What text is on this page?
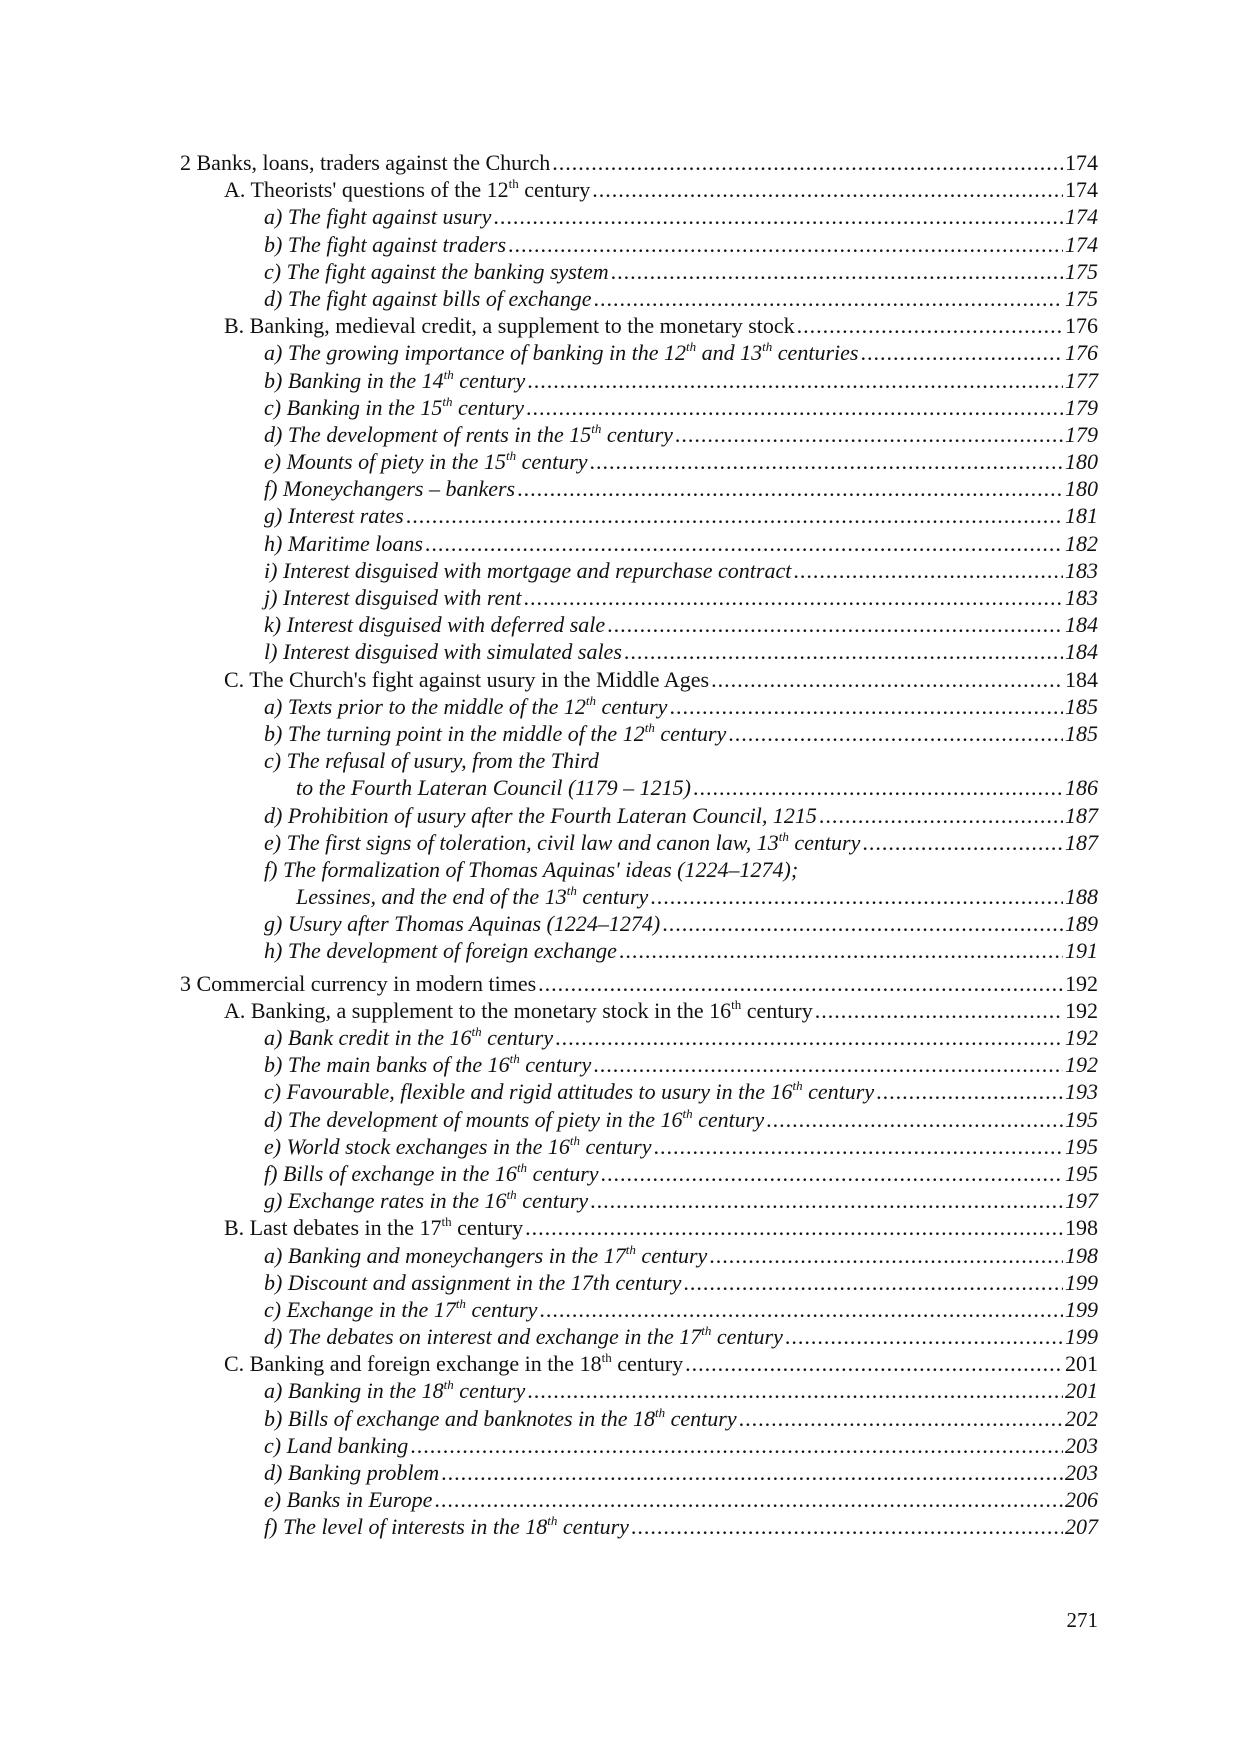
2 Banks, loans, traders against the Church .....	174
A. Theorists' questions of the 12th century .....	174
a) The fight against usury .....	174
b) The fight against traders .....	174
c) The fight against the banking system .....	175
d) The fight against bills of exchange .....	175
B. Banking, medieval credit, a supplement to the monetary stock .....	176
a) The growing importance of banking in the 12th and 13th centuries .....	176
b) Banking in the 14th century .....	177
c) Banking in the 15th century .....	179
d) The development of rents in the 15th century .....	179
e) Mounts of piety in the 15th century .....	180
f) Moneychangers – bankers .....	180
g) Interest rates .....	181
h) Maritime loans .....	182
i) Interest disguised with mortgage and repurchase contract .....	183
j) Interest disguised with rent .....	183
k) Interest disguised with deferred sale .....	184
l) Interest disguised with simulated sales .....	184
C. The Church's fight against usury in the Middle Ages .....	184
a) Texts prior to the middle of the 12th century .....	185
b) The turning point in the middle of the 12th century .....	185
c) The refusal of usury, from the Third
to the Fourth Lateran Council (1179 – 1215) .....	186
d) Prohibition of usury after the Fourth Lateran Council, 1215 .....	187
e) The first signs of toleration, civil law and canon law, 13th century .....	187
f) The formalization of Thomas Aquinas' ideas (1224–1274);
Lessines, and the end of the 13th century .....	188
g) Usury after Thomas Aquinas (1224–1274) .....	189
h) The development of foreign exchange .....	191
3 Commercial currency in modern times .....	192
A. Banking, a supplement to the monetary stock in the 16th century .....	192
a) Bank credit in the 16th century .....	192
b) The main banks of the 16th century .....	192
c) Favourable, flexible and rigid attitudes to usury in the 16th century .....	193
d) The development of mounts of piety in the 16th century .....	195
e) World stock exchanges in the 16th century .....	195
f) Bills of exchange in the 16th century .....	195
g) Exchange rates in the 16th century .....	197
B. Last debates in the 17th century .....	198
a) Banking and moneychangers in the 17th century .....	198
b) Discount and assignment in the 17th century .....	199
c) Exchange in the 17th century .....	199
d) The debates on interest and exchange in the 17th century .....	199
C. Banking and foreign exchange in the 18th century .....	201
a) Banking in the 18th century .....	201
b) Bills of exchange and banknotes in the 18th century .....	202
c) Land banking .....	203
d) Banking problem .....	203
e) Banks in Europe .....	206
f) The level of interests in the 18th century .....	207
271
